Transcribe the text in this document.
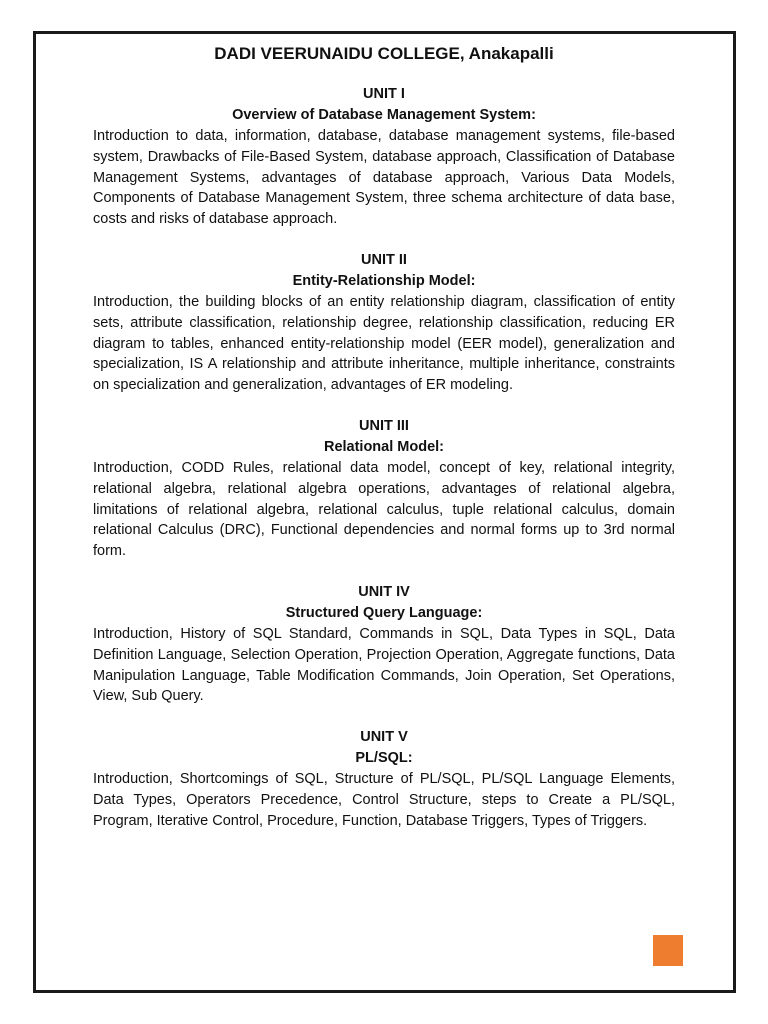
DADI VEERUNAIDU COLLEGE, Anakapalli
UNIT I
Overview of Database Management System:
Introduction to data, information, database, database management systems, file-based system, Drawbacks of File-Based System, database approach, Classification of Database Management Systems, advantages of database approach, Various Data Models, Components of Database Management System, three schema architecture of data base, costs and risks of database approach.
UNIT II
Entity-Relationship Model:
Introduction, the building blocks of an entity relationship diagram, classification of entity sets, attribute classification, relationship degree, relationship classification, reducing ER diagram to tables, enhanced entity-relationship model (EER model), generalization and specialization, IS A relationship and attribute inheritance, multiple inheritance, constraints on specialization and generalization, advantages of ER modeling.
UNIT III
Relational Model:
Introduction, CODD Rules, relational data model, concept of key, relational integrity, relational algebra, relational algebra operations, advantages of relational algebra, limitations of relational algebra, relational calculus, tuple relational calculus, domain relational Calculus (DRC), Functional dependencies and normal forms up to 3rd normal form.
UNIT IV
Structured Query Language:
Introduction, History of SQL Standard, Commands in SQL, Data Types in SQL, Data Definition Language, Selection Operation, Projection Operation, Aggregate functions, Data Manipulation Language, Table Modification Commands, Join Operation, Set Operations, View, Sub Query.
UNIT V
PL/SQL:
Introduction, Shortcomings of SQL, Structure of PL/SQL, PL/SQL Language Elements, Data Types, Operators Precedence, Control Structure, steps to Create a PL/SQL, Program, Iterative Control, Procedure, Function, Database Triggers, Types of Triggers.
